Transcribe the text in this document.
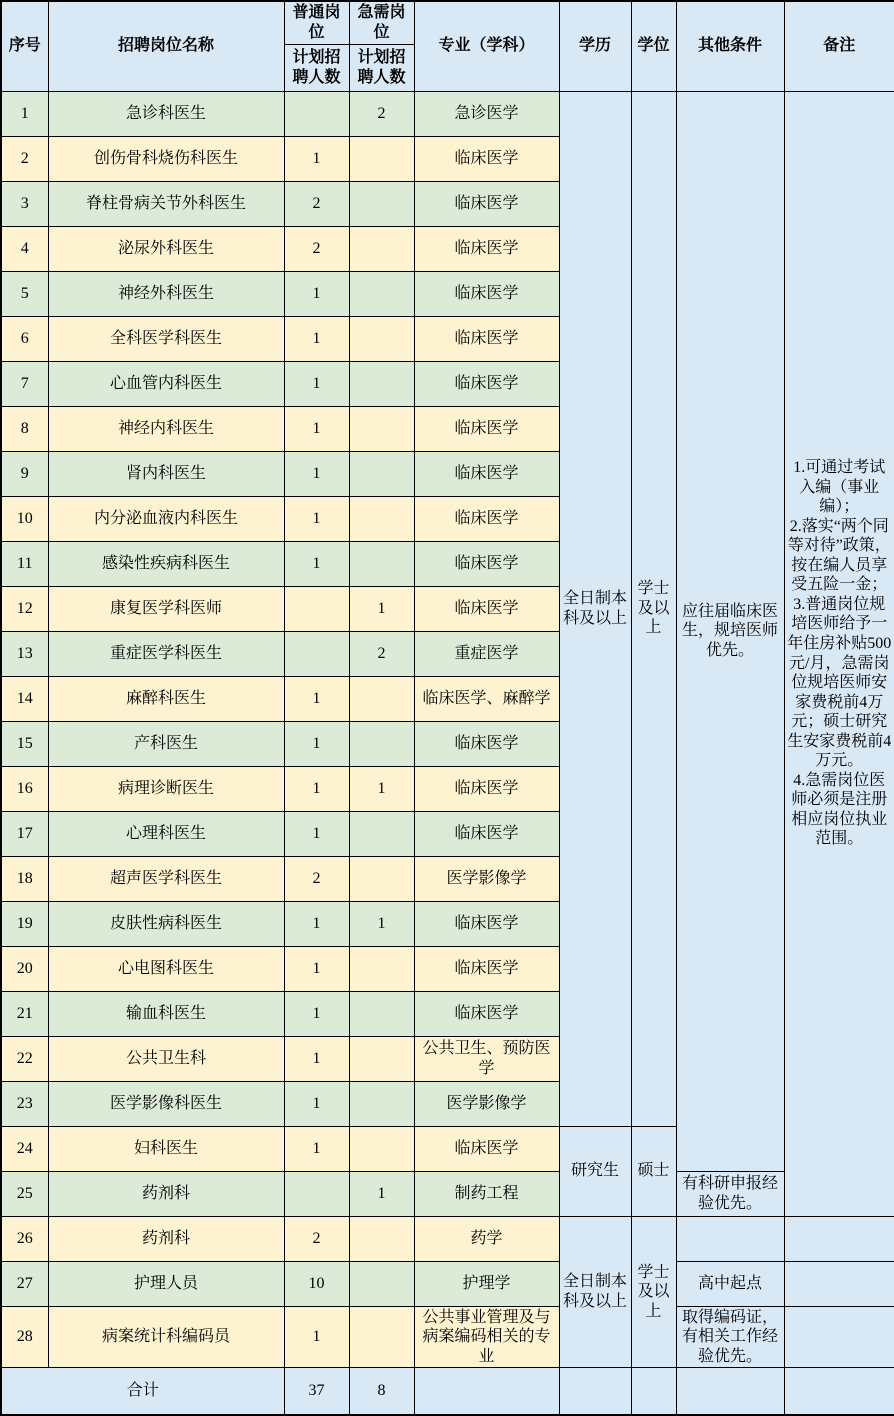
序号	招聘岗位名称	普通岗位	急需岗位	专业（学科）	学历	学位	其他条件	备注
		计划招聘人数	计划招聘人数					
1	急诊科医生		2	急诊医学	全日制本科及以上	学士及以上	应往届临床医生，规培医师优先。	1.可通过考试入编（事业编）；
2.落实“两个同等对待”政策，按在编人员享受五险一金；
3.普通岗位规培医师给予一年住房补贴500元/月，急需岗位规培医师安家费税前4万元；硕士研究生安家费税前4万元。
4.急需岗位医师必须是注册相应岗位执业范围。

2	创伤骨科烧伤科医生	1		临床医学				
3	脊柱骨病关节外科医生	2		临床医学				
4	泌尿外科医生	2		临床医学				
5	神经外科医生	1		临床医学				
6	全科医学科医生	1		临床医学				
7	心血管内科医生	1		临床医学				
8	神经内科医生	1		临床医学				
9	肾内科医生	1		临床医学				
10	内分泌血液内科医生	1		临床医学				
11	感染性疾病科医生	1		临床医学				
12	康复医学科医师		1	临床医学				
13	重症医学科医生		2	重症医学				
14	麻醉科医生	1		临床医学、麻醉学				
15	产科医生	1		临床医学				
16	病理诊断医生	1	1	临床医学				
17	心理科医生	1		临床医学				
18	超声医学科医生	2		医学影像学				
19	皮肤性病科医生	1	1	临床医学				
20	心电图科医生	1		临床医学				
21	输血科医生	1		临床医学				
22	公共卫生科	1		公共卫生、预防医学				
23	医学影像科医生	1		医学影像学				
24	妇科医生	1		临床医学	研究生	硕士		
25	药剂科		1	制药工程			有科研申报经验优先。	
26	药剂科	2		药学	全日制本科及以上	学士及以上		
27	护理人员	10		护理学			高中起点	
28	病案统计科编码员	1		公共事业管理及与病案编码相关的专业			取得编码证，有相关工作经验优先。	
合计		37	8					
